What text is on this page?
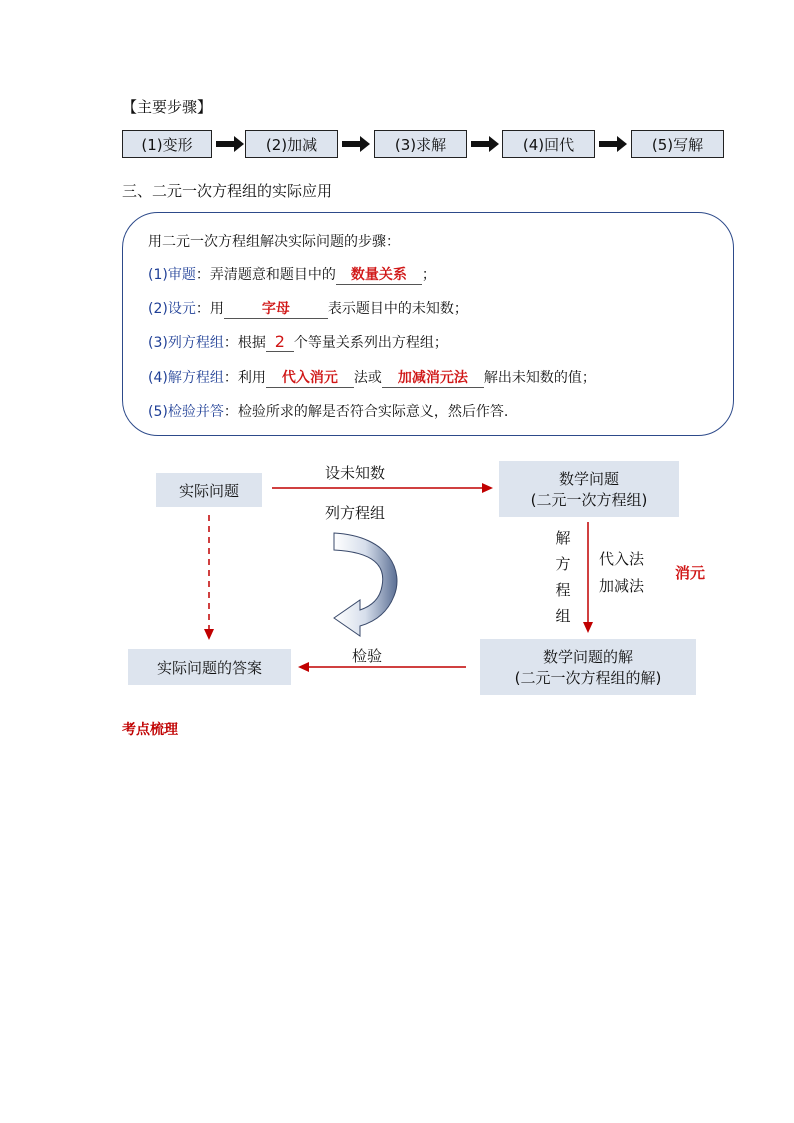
【主要步骤】
(1)变形	(2)加减	(3)求解	(4)回代	(5)写解
三、二元一次方程组的实际应用
用二元一次方程组解决实际问题的步骤：
(1)审题：弄清题意和题目中的 数量关系 ；
(2)设元：用	字母	表示题目中的未知数；
(3)列方程组：根据 2 个等量关系列出方程组；
(4)解方程组：利用 代入消元 法或 加减消元法 解出未知数的值；
(5)检验并答：检验所求的解是否符合实际意义，然后作答.
实际问题
设未知数
列方程组
数学问题
(二元一次方程组)
解
方
程
组
代入法
加减法
消元
数学问题的解
(二元一次方程组的解)
检验
实际问题的答案
考点梳理
